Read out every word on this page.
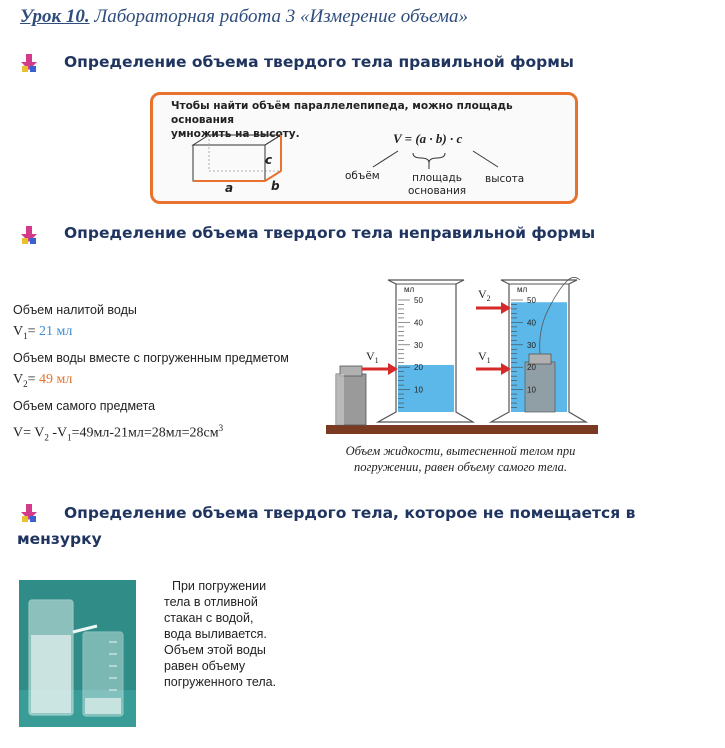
Урок 10. Лабораторная работа 3 «Измерение объема»
Определение объема твердого тела правильной формы
Чтобы найти объём параллелепипеда, можно площадь основания
умножить на высоту.
a	b
c
V = (a · b) · c
объём	площадь
основания
высота
Определение объема твердого тела неправильной формы
Объем налитой воды
$V_1= 21$ мл
Объем воды вместе с погруженным предметом
$V_2= 49$ мл
Объем самого предмета
$V= V_2$ $-V_1=49мл-21мл=28мл=28см^3$
мл
50
40
30
20
10
мл
50
40
30
20
10
$V_1$
$V_2$
$V_1$
Объем жидкости, вытесненной телом при
погружении, равен объему самого тела.
Определение объема твердого тела, которое не помещается в
мензурку
При погружении
тела в отливной
стакан с водой,
вода выливается.
Объем этой воды
равен объему
погруженного тела.
